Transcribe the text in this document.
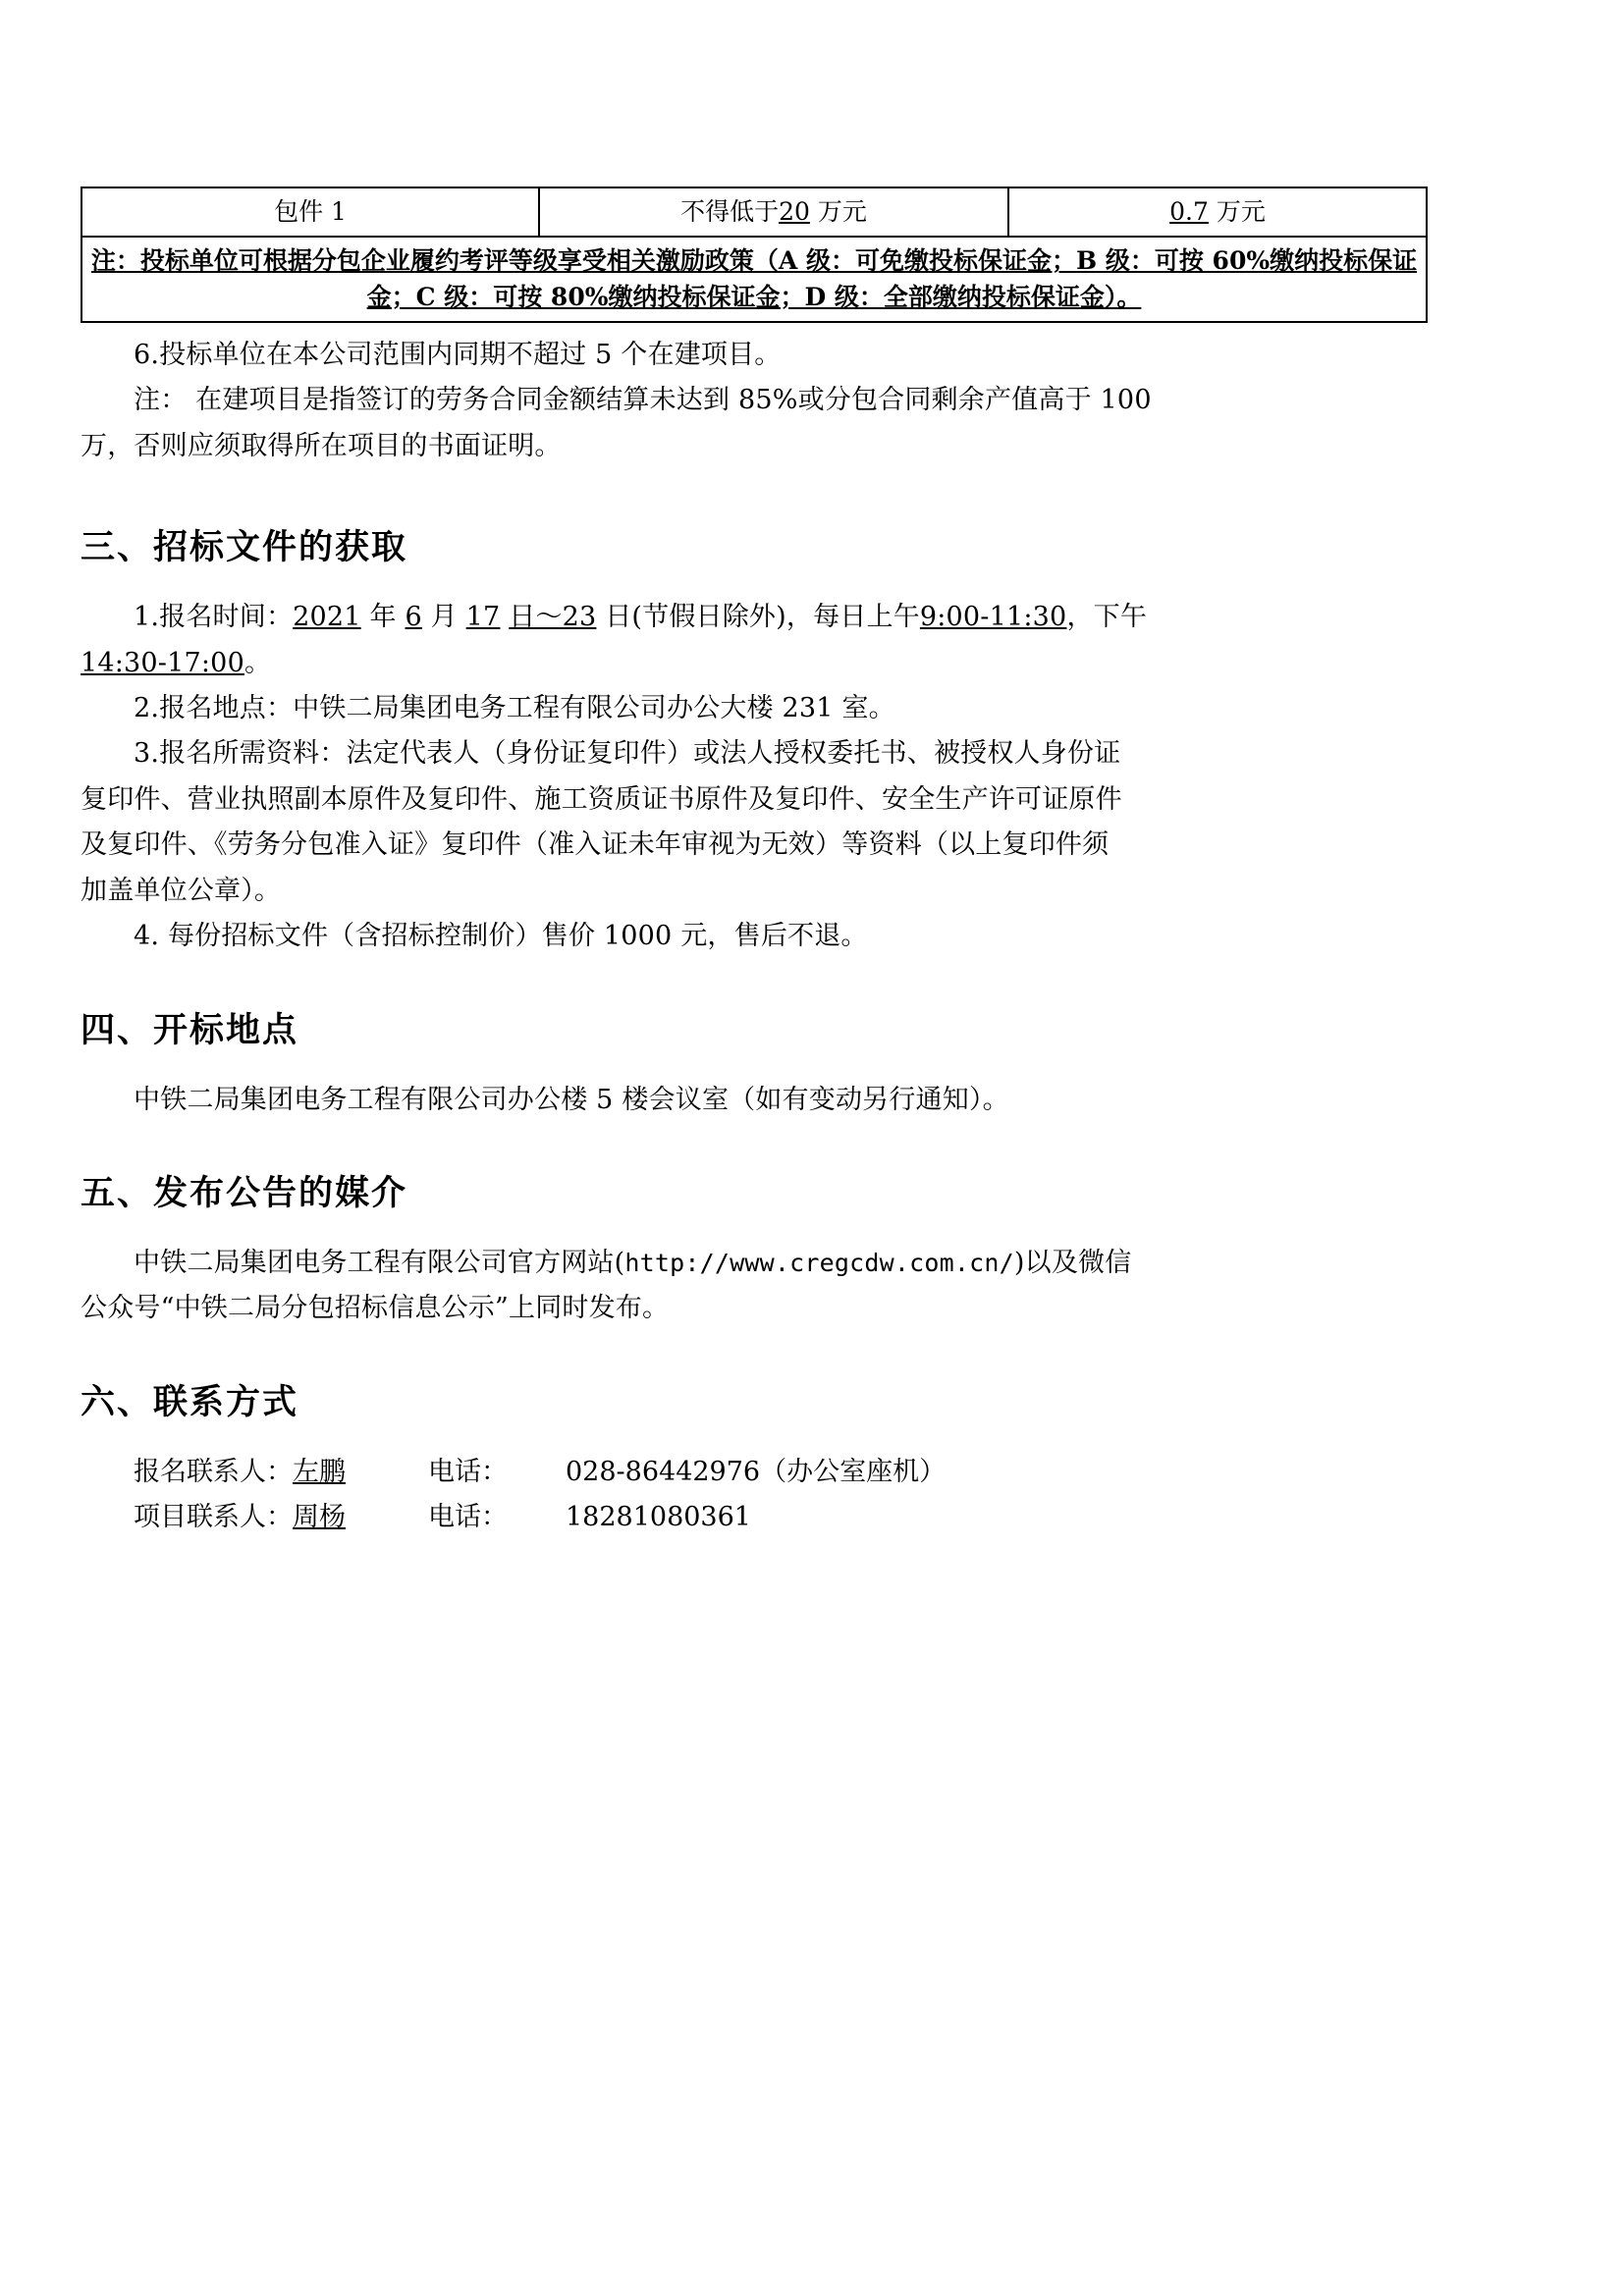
包件 1	不得低于20 万元	0.7 万元
注：投标单位可根据分包企业履约考评等级享受相关激励政策（A 级：可免缴投标保证金；B 级：可按 60%缴纳投标保证金；C 级：可按 80%缴纳投标保证金；D 级：全部缴纳投标保证金）。

6.投标单位在本公司范围内同期不超过 5 个在建项目。

注： 在建项目是指签订的劳务合同金额结算未达到 85%或分包合同剩余产值高于 100

万，否则应须取得所在项目的书面证明。

三、招标文件的获取

1.报名时间：2021 年 6 月 17 日～23 日(节假日除外)，每日上午9:00-11:30，下午

14:30-17:00。

2.报名地点：中铁二局集团电务工程有限公司办公大楼 231 室。

3.报名所需资料：法定代表人（身份证复印件）或法人授权委托书、被授权人身份证

复印件、营业执照副本原件及复印件、施工资质证书原件及复印件、安全生产许可证原件

及复印件、《劳务分包准入证》复印件（准入证未年审视为无效）等资料（以上复印件须

加盖单位公章）。

4. 每份招标文件（含招标控制价）售价 1000 元，售后不退。

四、开标地点

中铁二局集团电务工程有限公司办公楼 5 楼会议室（如有变动另行通知）。

五、发布公告的媒介

中铁二局集团电务工程有限公司官方网站(http://www.cregcdw.com.cn/)以及微信

公众号“中铁二局分包招标信息公示”上同时发布。

六、联系方式
报名联系人：左鹏	电话：	028-86442976（办公室座机）
项目联系人：周杨	电话：	18281080361
